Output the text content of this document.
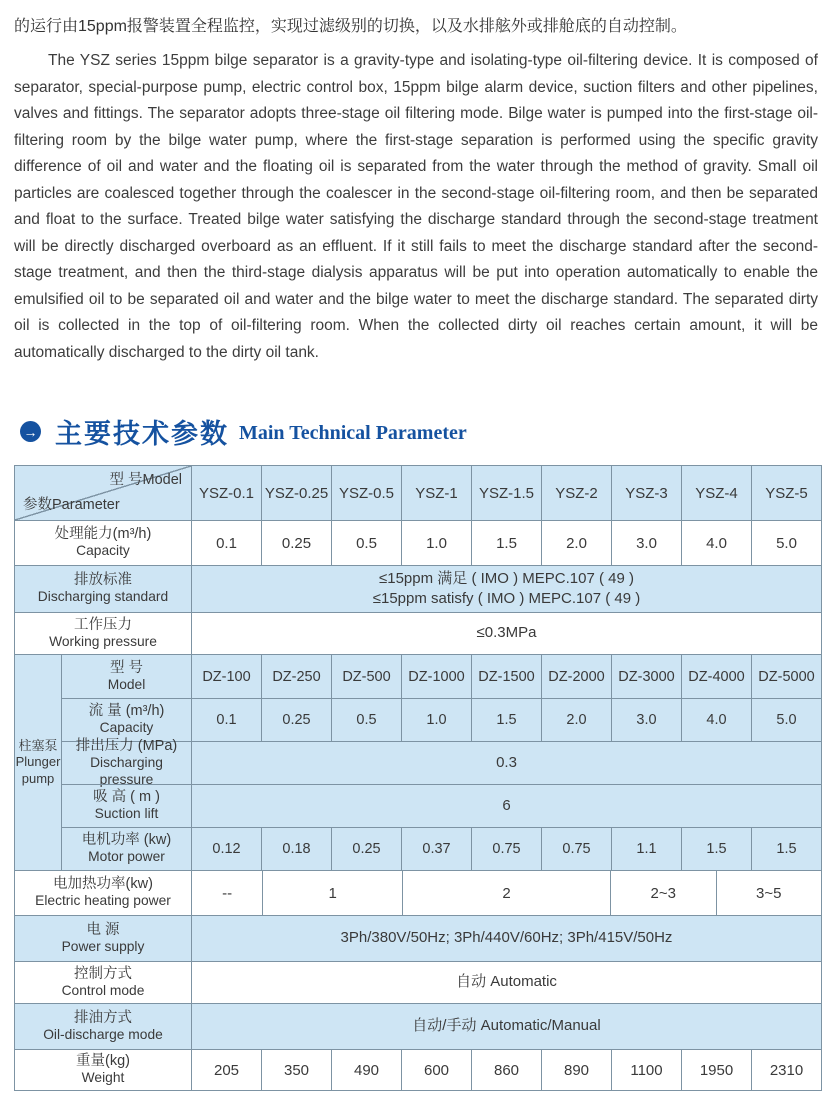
的运行由15ppm报警装置全程监控，实现过滤级别的切换，以及水排舷外或排舱底的自动控制。

The YSZ series 15ppm bilge separator is a gravity-type and isolating-type oil-filtering device. It is composed of separator, special-purpose pump, electric control box, 15ppm bilge alarm device, suction filters and other pipelines, valves and fittings. The separator adopts three-stage oil filtering mode. Bilge water is pumped into the first-stage oil-filtering room by the bilge water pump, where the first-stage separation is performed using the specific gravity difference of oil and water and the floating oil is separated from the water through the method of gravity. Small oil particles are coalesced together through the coalescer in the second-stage oil-filtering room, and then be separated and float to the surface. Treated bilge water satisfying the discharge standard through the second-stage treatment will be directly discharged overboard as an effluent. If it still fails to meet the discharge standard after the second-stage treatment, and then the third-stage dialysis apparatus will be put into operation automatically to enable the emulsified oil to be separated oil and water and the bilge water to meet the discharge standard. The separated dirty oil is collected in the top of oil-filtering room. When the collected dirty oil reaches certain amount, it will be automatically discharged to the dirty oil tank.

→ 主要技术参数 Main Technical Parameter
型 号Model
参数Parameter
YSZ-0.1 YSZ-0.25 YSZ-0.5	YSZ-1	YSZ-1.5	YSZ-2	YSZ-3	YSZ-4	YSZ-5
处理能力(m³/h)
Capacity	0.1	0.25	0.5	1.0	1.5	2.0	3.0	4.0	5.0
排放标准
Discharging standard
≤15ppm 满足 ( IMO ) MEPC.107 ( 49 )
≤15ppm satisfy ( IMO ) MEPC.107 ( 49 )
工作压力
Working pressure
≤0.3MPa
柱塞泵
Plunger
pump
型 号
Model	DZ-100	DZ-250	DZ-500	DZ-1000 DZ-1500 DZ-2000 DZ-3000 DZ-4000 DZ-5000
流 量 (m³/h)
Capacity	0.1	0.25	0.5	1.0	1.5	2.0	3.0	4.0	5.0
排出压力 (MPa)
Discharging pressure
0.3
吸 高 ( m )
Suction lift
6
电机功率 (kw)
Motor power	0.12	0.18	0.25	0.37	0.75	0.75	1.1	1.5	1.5
电加热功率(kw)
Electric heating power	--	1	2	2~3	3~5
电 源
Power supply
3Ph/380V/50Hz; 3Ph/440V/60Hz; 3Ph/415V/50Hz
控制方式
Control mode
自动 Automatic
排油方式
Oil-discharge mode
自动/手动 Automatic/Manual
重量(kg)
Weight	205	350	490	600	860	890	1100	1950	2310
